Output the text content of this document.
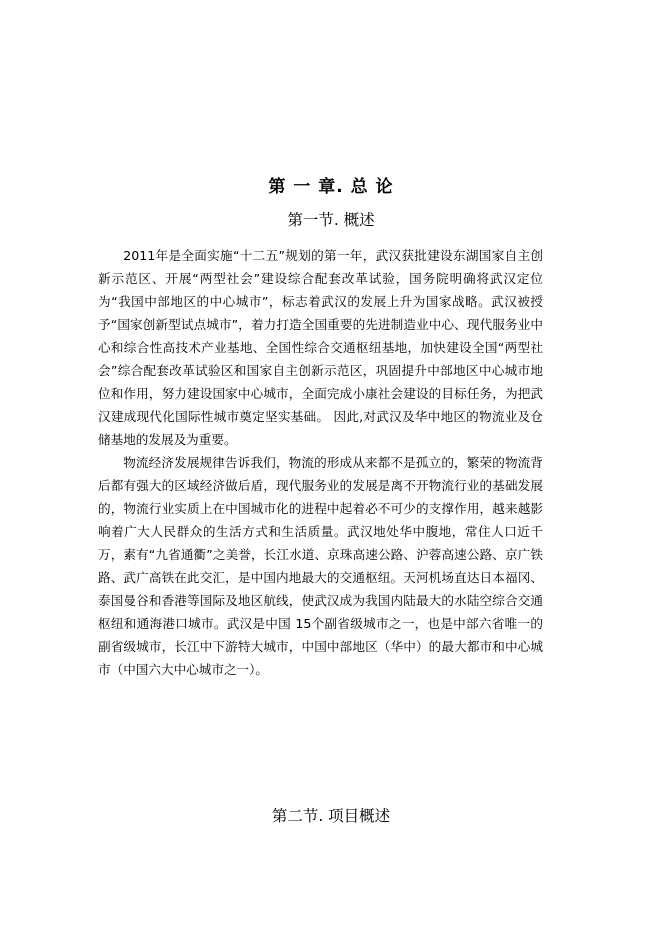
第 一 章. 总 论
第一节. 概述

2011年是全面实施“十二五”规划的第一年，武汉获批建设东湖国家自主创新示范区、开展“两型社会”建设综合配套改革试验，国务院明确将武汉定位为“我国中部地区的中心城市”，标志着武汉的发展上升为国家战略。武汉被授予“国家创新型试点城市”，着力打造全国重要的先进制造业中心、现代服务业中心和综合性高技术产业基地、全国性综合交通枢纽基地，加快建设全国“两型社会”综合配套改革试验区和国家自主创新示范区，巩固提升中部地区中心城市地位和作用，努力建设国家中心城市，全面完成小康社会建设的目标任务，为把武汉建成现代化国际性城市奠定坚实基础。 因此,对武汉及华中地区的物流业及仓储基地的发展及为重要。

物流经济发展规律告诉我们，物流的形成从来都不是孤立的，繁荣的物流背后都有强大的区域经济做后盾，现代服务业的发展是离不开物流行业的基础发展的，物流行业实质上在中国城市化的进程中起着必不可少的支撑作用，越来越影响着广大人民群众的生活方式和生活质量。武汉地处华中腹地，常住人口近千万，素有“九省通衢”之美誉，长江水道、京珠高速公路、沪蓉高速公路、京广铁路、武广高铁在此交汇，是中国内地最大的交通枢纽。天河机场直达日本福冈、泰国曼谷和香港等国际及地区航线，使武汉成为我国内陆最大的水陆空综合交通枢纽和通海港口城市。武汉是中国 15个副省级城市之一，也是中部六省唯一的副省级城市，长江中下游特大城市，中国中部地区（华中）的最大都市和中心城市（中国六大中心城市之一）。

第二节. 项目概述
